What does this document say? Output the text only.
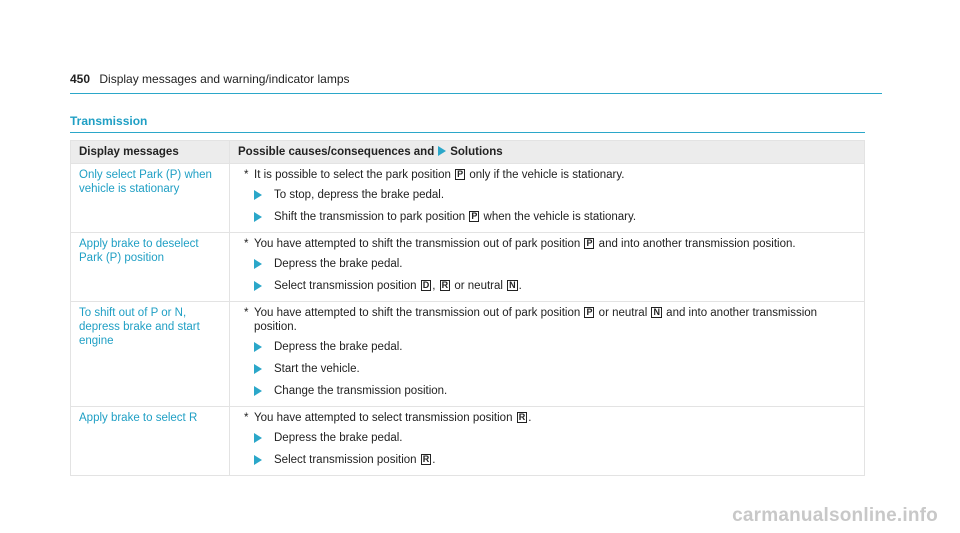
450 Display messages and warning/indicator lamps
Transmission
Display messages	Possible causes/consequences and Solutions
Only select Park (P) when vehicle is stationary	* It is possible to select the park position P only if the vehicle is stationary.
To stop, depress the brake pedal.
Shift the transmission to park position P when the vehicle is stationary.

Apply brake to deselect Park (P) position	* You have attempted to shift the transmission out of park position P and into another transmission position.
Depress the brake pedal.
Select transmission position D , R or neutral N .

To shift out of P or N, depress brake and start engine	* You have attempted to shift the transmission out of park position P or neutral N and into another transmission position.
Depress the brake pedal.
Start the vehicle.
Change the transmission position.

Apply brake to select R	* You have attempted to select transmission position R .
Depress the brake pedal.
Select transmission position R .
carmanualsonline.info
